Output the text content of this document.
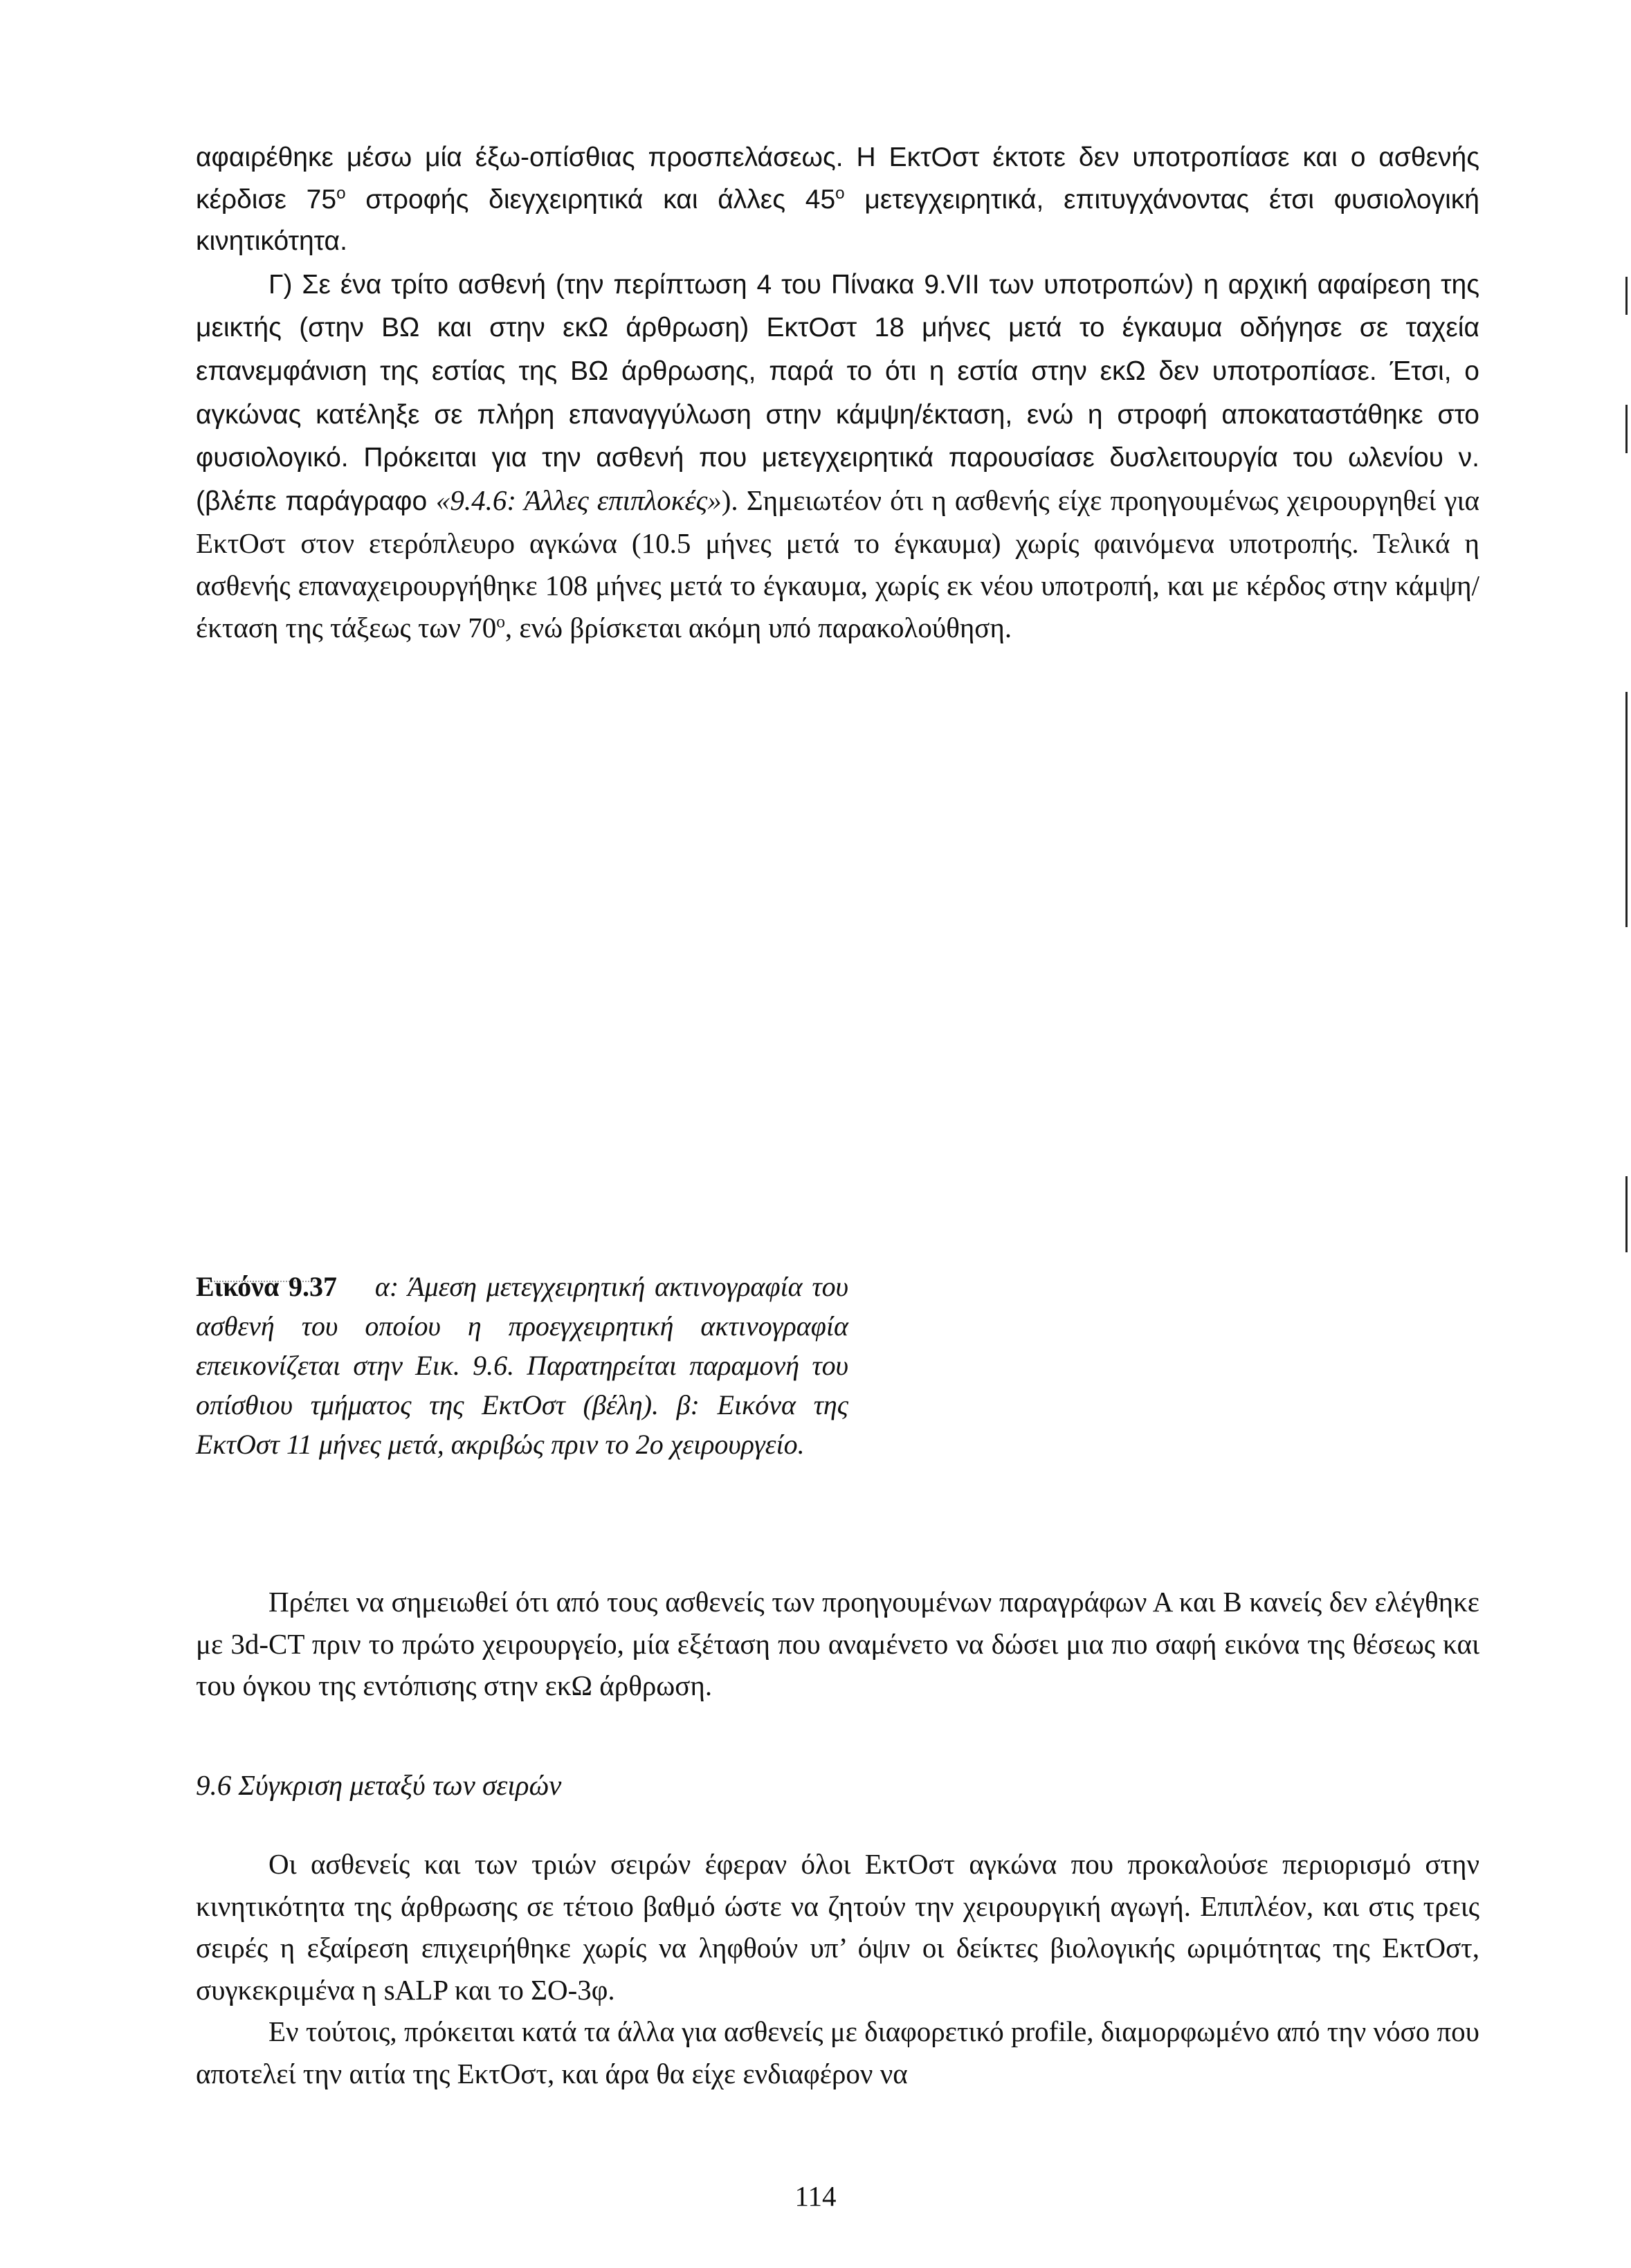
αφαιρέθηκε μέσω μία έξω-οπίσθιας προσπελάσεως. Η ΕκτΟστ έκτοτε δεν υποτροπίασε και ο ασθενής κέρδισε 75$^o$ στροφής διεγχειρητικά και άλλες 45$^o$ μετεγχειρητικά, επιτυγχάνοντας έτσι φυσιολογική κινητικότητα.

Γ) Σε ένα τρίτο ασθενή (την περίπτωση 4 του Πίνακα 9.VII των υποτροπών) η αρχική αφαίρεση της μεικτής (στην ΒΩ και στην εκΩ άρθρωση) ΕκτΟστ 18 μήνες μετά το έγκαυμα οδήγησε σε ταχεία επανεμφάνιση της εστίας της ΒΩ άρθρωσης, παρά το ότι η εστία στην εκΩ δεν υποτροπίασε. Έτσι, ο αγκώνας κατέληξε σε πλήρη επαναγγύλωση στην κάμψη/έκταση, ενώ η στροφή αποκαταστάθηκε στο φυσιολογικό. Πρόκειται για την ασθενή που μετεγχειρητικά παρουσίασε δυσλειτουργία του ωλενίου ν. (βλέπε παράγραφο «9.4.6: Άλλες επιπλοκές»). Σημειωτέον ότι η ασθενής είχε προηγουμένως χειρουργηθεί για ΕκτΟστ στον ετερόπλευρο αγκώνα (10.5 μήνες μετά το έγκαυμα) χωρίς φαινόμενα υποτροπής. Τελικά η ασθενής επαναχειρουργήθηκε 108 μήνες μετά το έγκαυμα, χωρίς εκ νέου υποτροπή, και με κέρδος στην κάμψη/έκταση της τάξεως των 70$^o$, ενώ βρίσκεται ακόμη υπό παρακολούθηση.

Εικόνα 9.37 α: Άμεση μετεγχειρητική ακτινογραφία του ασθενή του οποίου η προεγχειρητική ακτινογραφία επεικονίζεται στην Εικ. 9.6. Παρατηρείται παραμονή του οπίσθιου τμήματος της ΕκτΟστ (βέλη). β: Εικόνα της ΕκτΟστ 11 μήνες μετά, ακριβώς πριν το 2ο χειρουργείο.

Πρέπει να σημειωθεί ότι από τους ασθενείς των προηγουμένων παραγράφων Α και Β κανείς δεν ελέγθηκε με 3d-CT πριν το πρώτο χειρουργείο, μία εξέταση που αναμένετο να δώσει μια πιο σαφή εικόνα της θέσεως και του όγκου της εντόπισης στην εκΩ άρθρωση.

9.6 Σύγκριση μεταξύ των σειρών

Οι ασθενείς και των τριών σειρών έφεραν όλοι ΕκτΟστ αγκώνα που προκαλούσε περιορισμό στην κινητικότητα της άρθρωσης σε τέτοιο βαθμό ώστε να ζητούν την χειρουργική αγωγή. Επιπλέον, και στις τρεις σειρές η εξαίρεση επιχειρήθηκε χωρίς να ληφθούν υπ’ όψιν οι δείκτες βιολογικής ωριμότητας της ΕκτΟστ, συγκεκριμένα η sALP και το ΣΟ-3φ.

Εν τούτοις, πρόκειται κατά τα άλλα για ασθενείς με διαφορετικό profile, διαμορφωμένο από την νόσο που αποτελεί την αιτία της ΕκτΟστ, και άρα θα είχε ενδιαφέρον να

114
